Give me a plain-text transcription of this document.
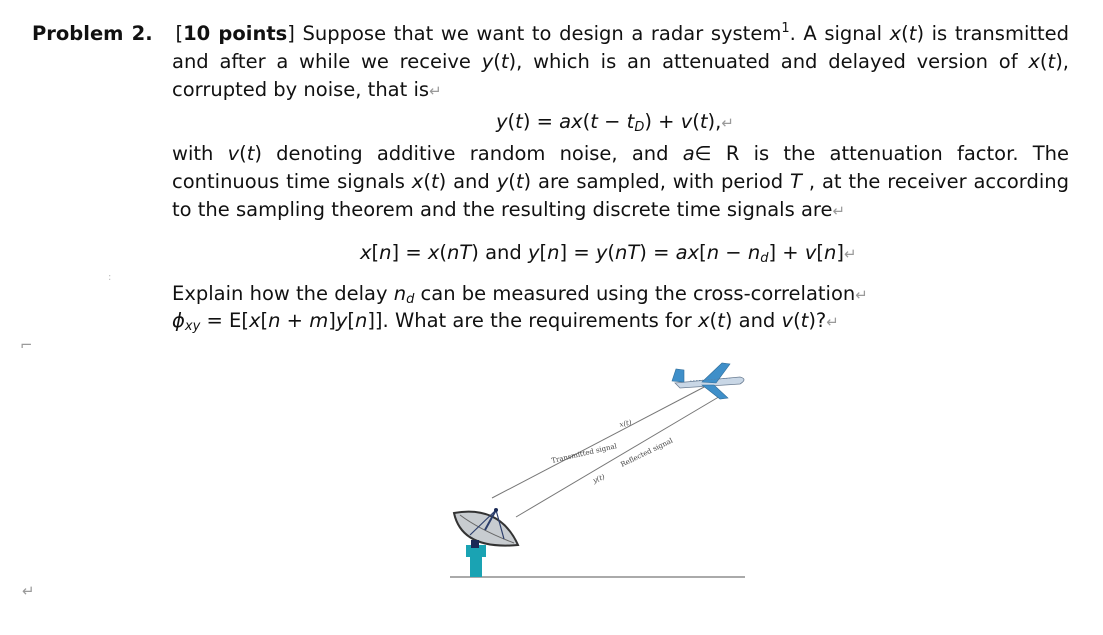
Problem 2. [10 points] Suppose that we want to design a radar system$^1$. A signal x(t) is transmitted
and after a while we receive y(t), which is an attenuated and delayed version of x(t),
corrupted by noise, that is↵
$y(t) = ax(t - t_D)$ + v(t),↵
with v(t) denoting additive random noise, and a∈ R is the attenuation factor. The
continuous time signals x(t) and y(t) are sampled, with period T , at the receiver according
to the sampling theorem and the resulting discrete time signals are↵
x[n] = x(nT) and $y[n] = y(nT) = ax[n - n_d]$ + v[n]↵
Explain how the delay $n_d$ can be measured using the cross-correlation↵
$\phi_{xy} = E[x[n + m]y[n]]$. What are the requirements for x(t) and v(t)?↵
⌐
↵
:
Transmitted signal
x(t)
Reflected signal
y(t)
